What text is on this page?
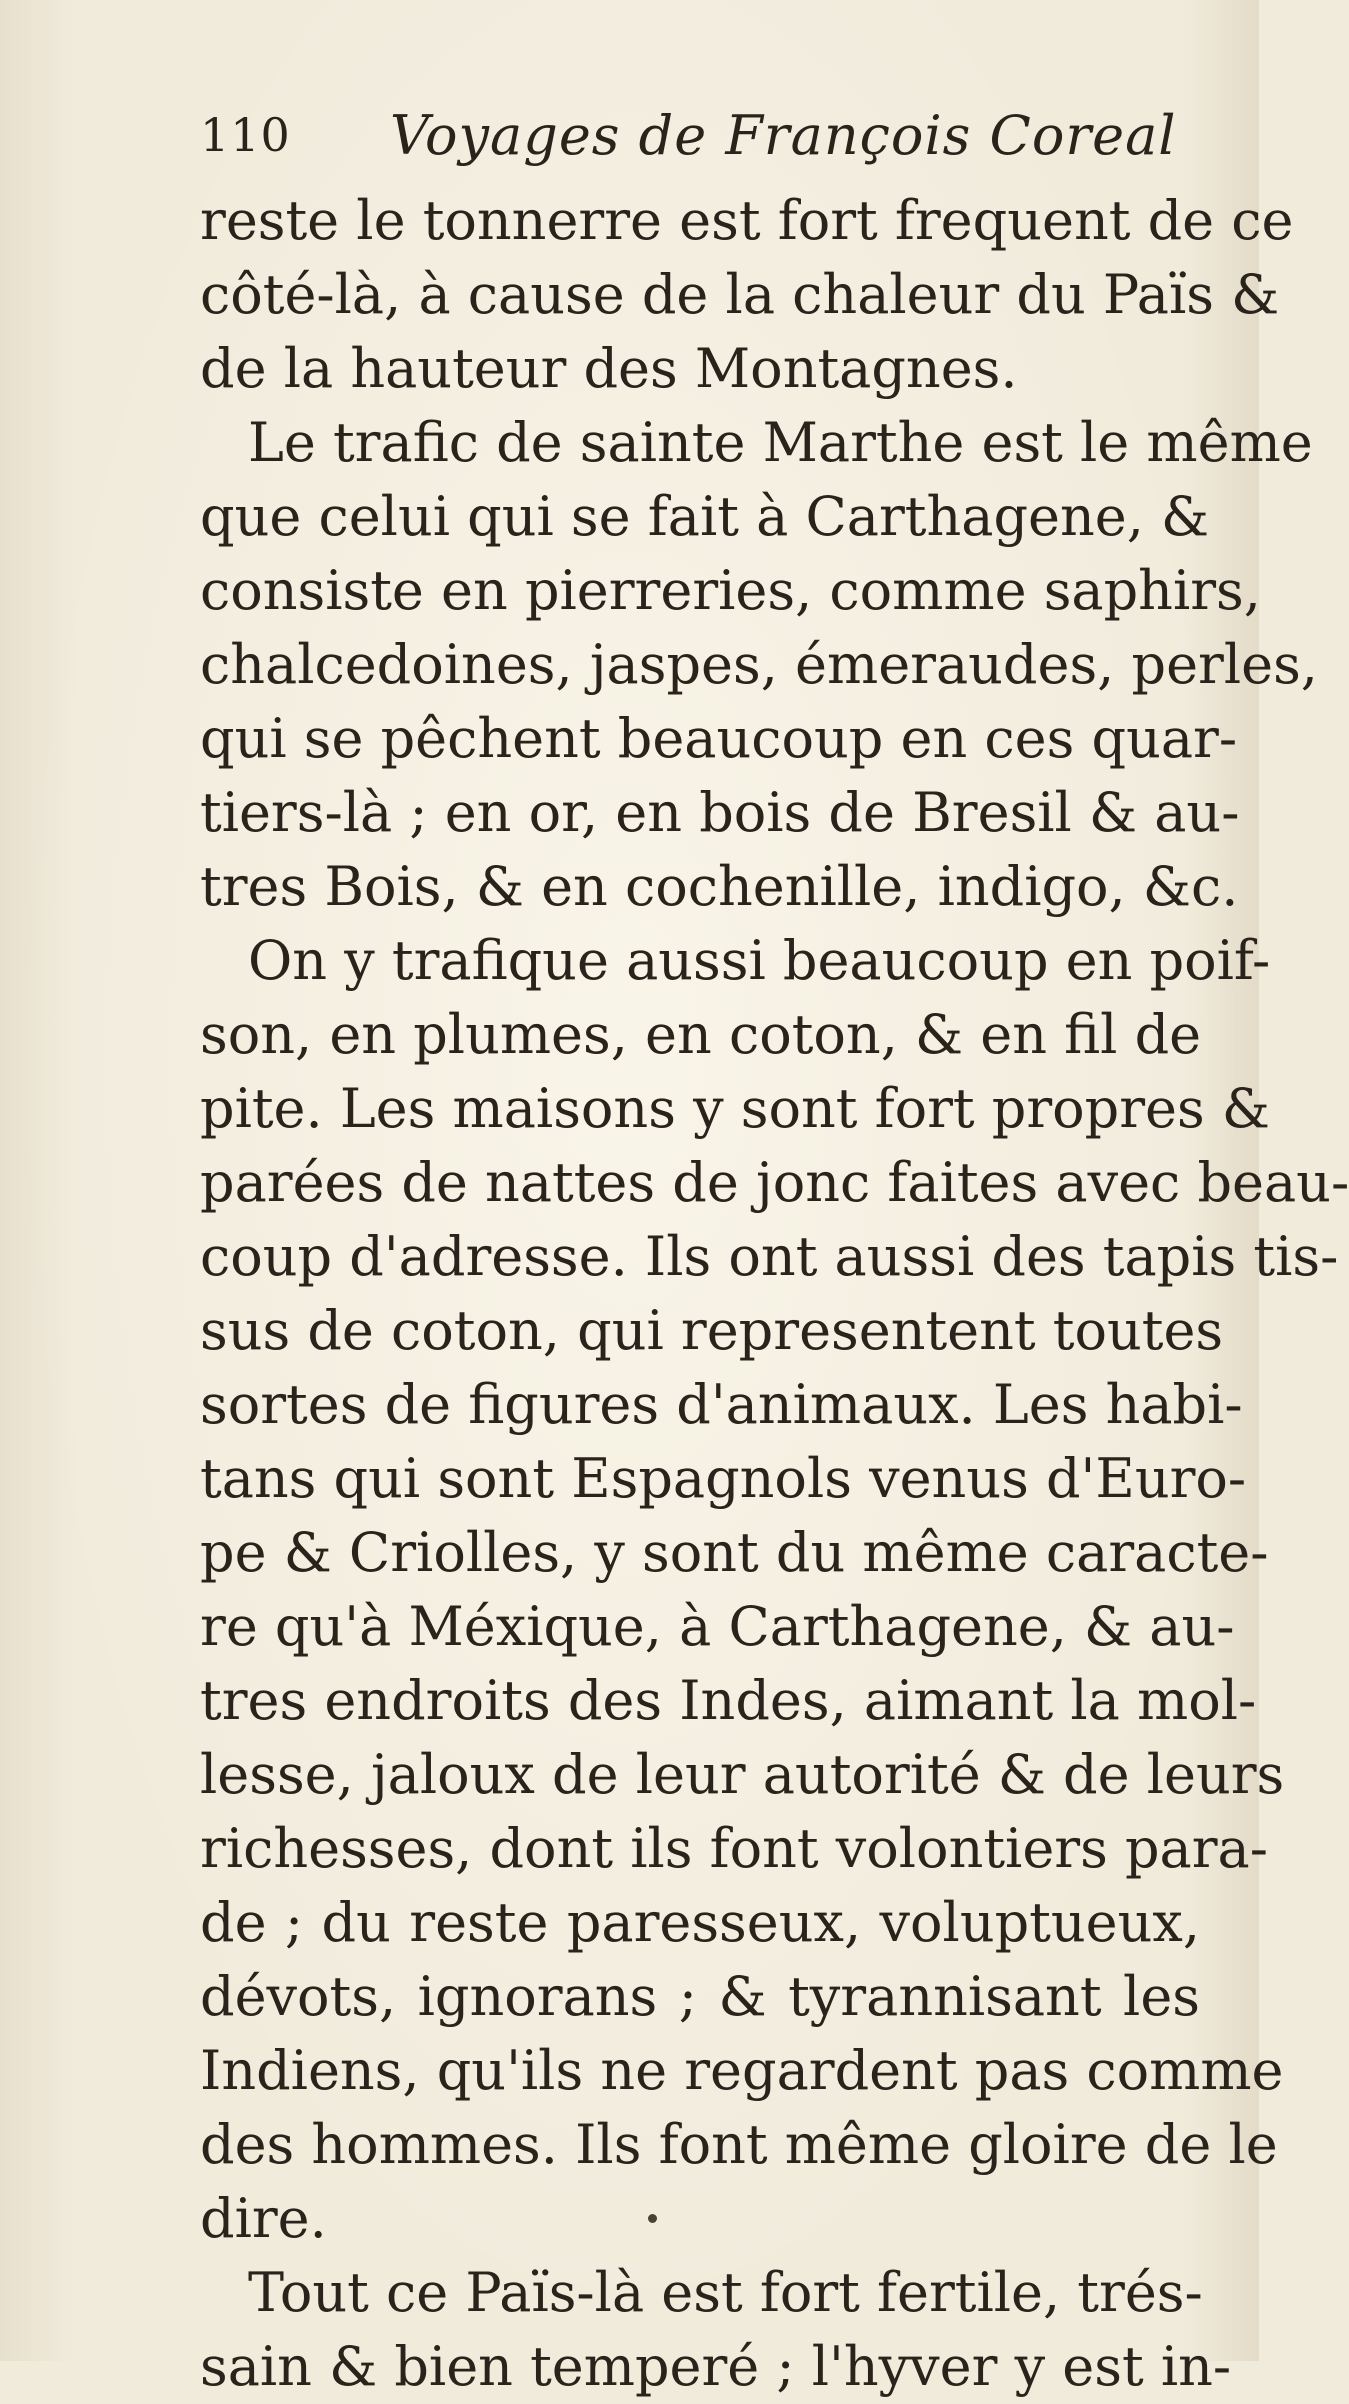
110 Voyages de François Coreal
reste le tonnerre est fort frequent de ce
côté-là, à cause de la chaleur du Païs &
de la hauteur des Montagnes.
Le trafic de sainte Marthe est le même
que celui qui se fait à Carthagene, &
consiste en pierreries, comme saphirs,
chalcedoines, jaspes, émeraudes, perles,
qui se pêchent beaucoup en ces quar-
tiers-là ; en or, en bois de Bresil & au-
tres Bois, & en cochenille, indigo, &c.
On y trafique aussi beaucoup en poif-
son, en plumes, en coton, & en fil de
pite. Les maisons y sont fort propres &
parées de nattes de jonc faites avec beau-
coup d'adresse. Ils ont aussi des tapis tis-
sus de coton, qui representent toutes
sortes de figures d'animaux. Les habi-
tans qui sont Espagnols venus d'Euro-
pe & Criolles, y sont du même caracte-
re qu'à Méxique, à Carthagene, & au-
tres endroits des Indes, aimant la mol-
lesse, jaloux de leur autorité & de leurs
richesses, dont ils font volontiers para-
de ; du reste paresseux, voluptueux,
dévots, ignorans ; & tyrannisant les
Indiens, qu'ils ne regardent pas comme
des hommes. Ils font même gloire de le
dire.
Tout ce Païs-là est fort fertile, trés-
sain & bien temperé ; l'hyver y est in-
